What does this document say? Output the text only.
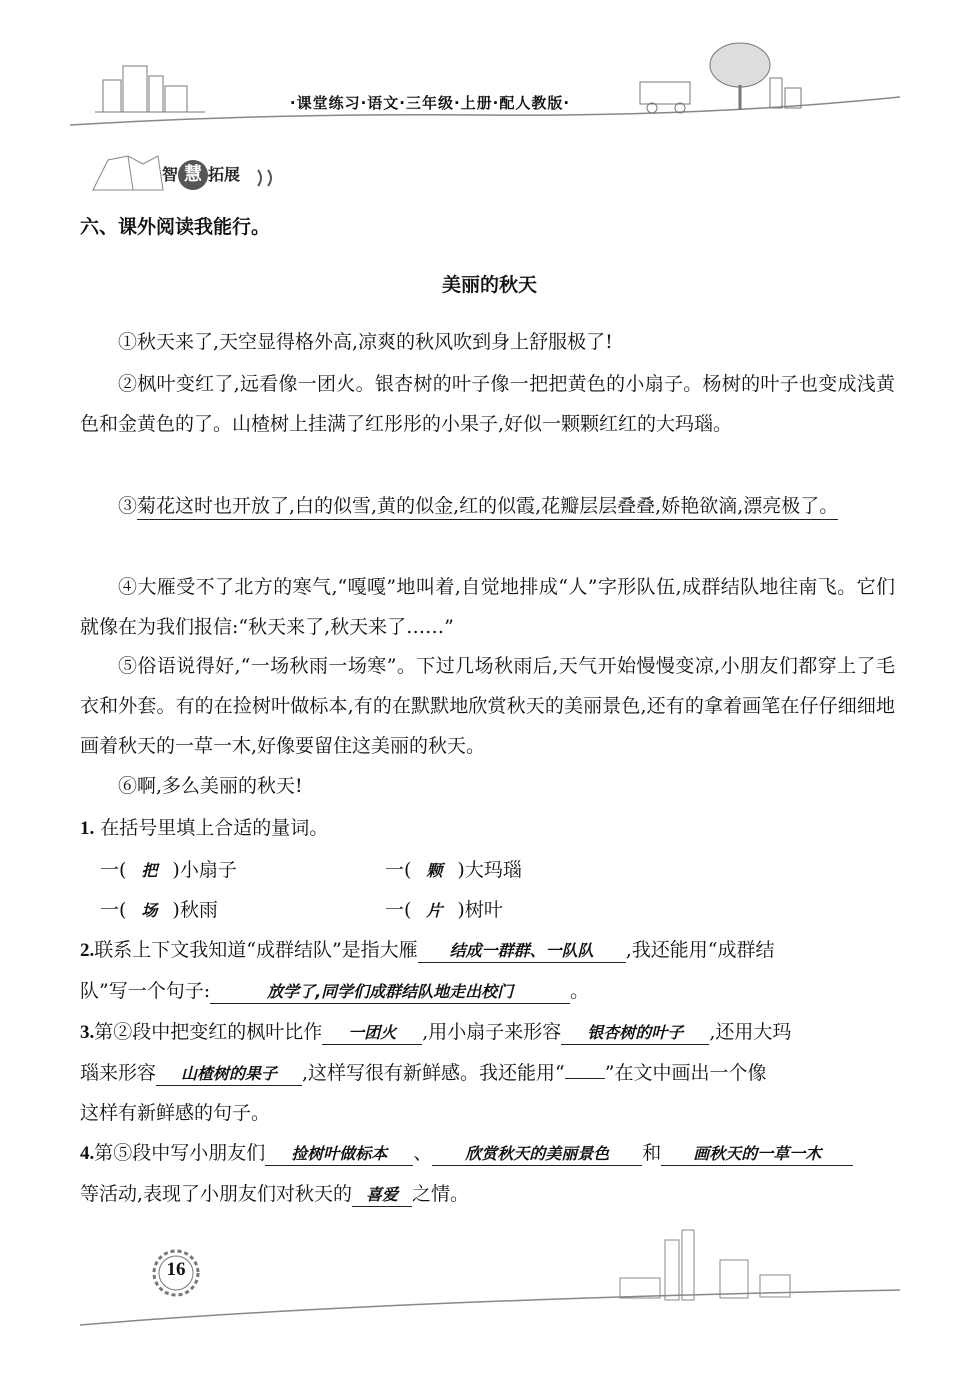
·课堂练习·语文·三年级·上册·配人教版·
智 慧 拓展
六、课外阅读我能行。
美丽的秋天
①秋天来了,天空显得格外高,凉爽的秋风吹到身上舒服极了!
②枫叶变红了,远看像一团火。银杏树的叶子像一把把黄色的小扇子。杨树的叶子也变成浅黄色和金黄色的了。山楂树上挂满了红彤彤的小果子,好似一颗颗红红的大玛瑙。
③菊花这时也开放了,白的似雪,黄的似金,红的似霞,花瓣层层叠叠,娇艳欲滴,漂亮极了。
④大雁受不了北方的寒气,“嘎嘎”地叫着,自觉地排成“人”字形队伍,成群结队地往南飞。它们就像在为我们报信:“秋天来了,秋天来了……”
⑤俗语说得好,“一场秋雨一场寒”。下过几场秋雨后,天气开始慢慢变凉,小朋友们都穿上了毛衣和外套。有的在捡树叶做标本,有的在默默地欣赏秋天的美丽景色,还有的拿着画笔在仔仔细细地画着秋天的一草一木,好像要留住这美丽的秋天。
⑥啊,多么美丽的秋天!
1. 在括号里填上合适的量词。
一( 把 )小扇子	一( 颗 )大玛瑙
一( 场 )秋雨	一( 片 )树叶
2.联系上下文我知道“成群结队”是指大雁 结成一群群、一队队 ,我还能用“成群结
队”写一个句子:	放学了,同学们成群结队地走出校门	。
3.第②段中把变红的枫叶比作 一团火 ,用小扇子来形容 银杏树的叶子 ,还用大玛
瑙来形容 山楂树的果子 ,这样写很有新鲜感。我还能用“ ”在文中画出一个像
这样有新鲜感的句子。
4.第⑤段中写小朋友们 捡树叶做标本 、 欣赏秋天的美丽景色 和 画秋天的一草一木
等活动,表现了小朋友们对秋天的 喜爱 之情。
16
